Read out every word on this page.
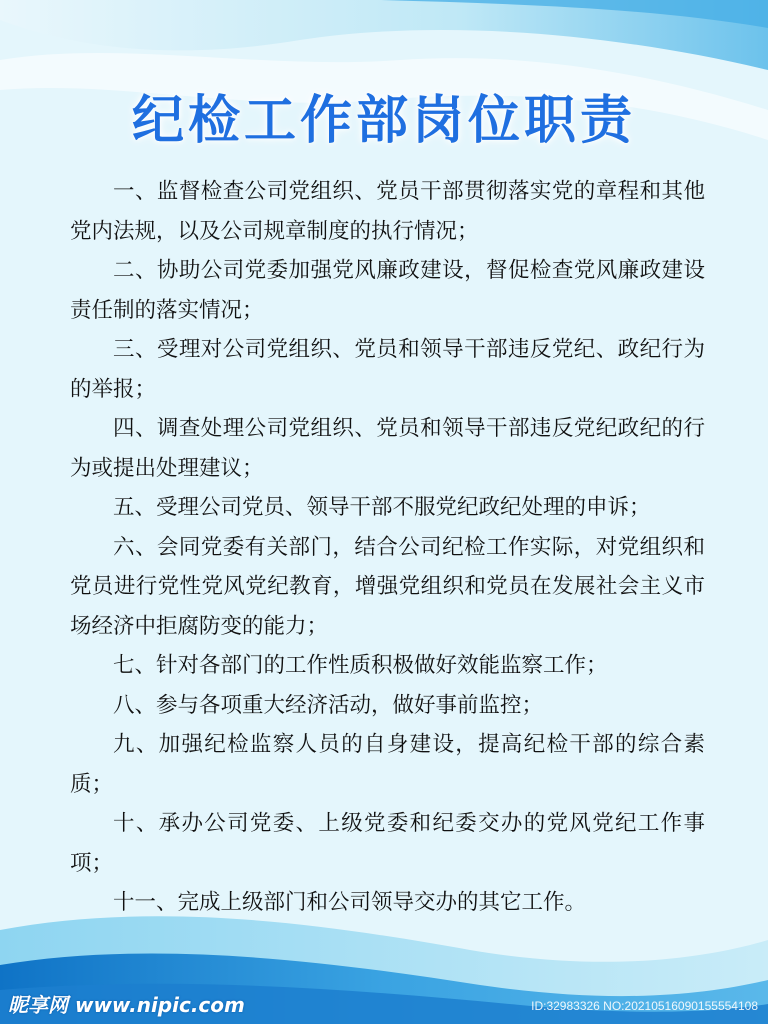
纪检工作部岗位职责

一、监督检查公司党组织、党员干部贯彻落实党的章程和其他党内法规，以及公司规章制度的执行情况；

二、协助公司党委加强党风廉政建设，督促检查党风廉政建设责任制的落实情况；

三、受理对公司党组织、党员和领导干部违反党纪、政纪行为的举报；

四、调查处理公司党组织、党员和领导干部违反党纪政纪的行为或提出处理建议；

五、受理公司党员、领导干部不服党纪政纪处理的申诉；

六、会同党委有关部门，结合公司纪检工作实际，对党组织和党员进行党性党风党纪教育，增强党组织和党员在发展社会主义市场经济中拒腐防变的能力；

七、针对各部门的工作性质积极做好效能监察工作；

八、参与各项重大经济活动，做好事前监控；

九、加强纪检监察人员的自身建设，提高纪检干部的综合素质；

十、承办公司党委、上级党委和纪委交办的党风党纪工作事项；

十一、完成上级部门和公司领导交办的其它工作。

昵享网 www.nipic.com	ID:32983326 NO:20210516090155554108
